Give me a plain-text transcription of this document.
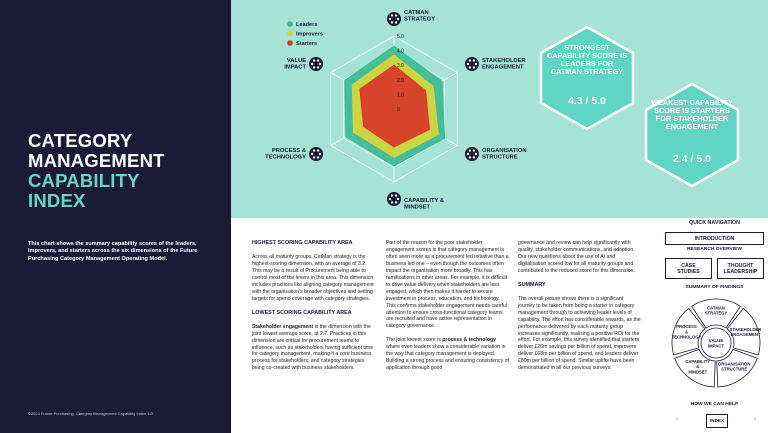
CATEGORY
MANAGEMENT
CAPABILITY
INDEX
This chart shows the summary capability scores of the leaders, improvers, and starters across the six dimensions of the Future Purchasing Category Management Operating Model.
©2024 Future Purchasing. Category Management Capability Index 1.0
5.0
4.0
3.0
2.0
1.0
0
CATMAN STRATEGY
STAKEHOLDER ENGAGEMENT
ORGANISATION STRUCTURE
CAPABILITY & MINDSET
PROCESS & TECHNOLOGY
VALUE IMPACT
Leaders
Improvers
Starters	STRONGEST CAPABILITY SCORE IS LEADERS FOR CATMAN STRATEGY
4.3 / 5.0	WEAKEST CAPABILITY SCORE IS STARTERS FOR STAKEHOLDER ENGAGEMENT
2.4 / 5.0
HIGHEST SCORING CAPABILITY AREA

Across all maturity groups, CatMan strategy is the highest-scoring dimension, with an average of 3.2. This may be a result of Procurement being able to control most of the levers in this area. This dimension includes practices like aligning category management with the organisation's broader objectives and setting targets for spend coverage with category strategies.

LOWEST SCORING CAPABILITY AREA

Stakeholder engagement is the dimension with the joint lowest average score, at 2.7. Practices in this dimension are critical for procurement teams to influence, such as stakeholders having sufficient time for category management, making it a core business process for stakeholders, and category strategies being co-created with business stakeholders.

Part of the reason for the poor stakeholder engagement scores is that category management is often seen more as a procurement led initiative than a business led one – even though the outcomes often impact the organisation more broadly. This has ramifications in other areas. For example, it is difficult to drive value delivery when stakeholders are less engaged, which then makes it harder to secure investment in process, education, and technology. This confirms stakeholder engagement needs careful attention to ensure cross-functional category teams are recruited and have active representation in category governance.

The joint lowest score is process & technology where even leaders show a considerable variation in the way that category management is deployed. Building a strong process and ensuring consistency of application through good

governance and review can help significantly with quality, stakeholder communications, and adoption. Our new questions about the use of AI and digitalisation scored low for all maturity groups and contributed to the reduced score for this dimension.

SUMMARY

The overall picture shows there is a significant journey to be taken from being a starter in category management through to achieving leader levels of capability. The effort has considerable rewards, as the performance delivered by each maturity group increases significantly, realising a positive ROI for the effort. For example, this survey identified that starters deliver £26m savings per billion of spend, improvers deliver £68m per billion of spend, and leaders deliver £80m per billion of spend. Similar uplifts have been demonstrated in all our previous surveys.

QUICK NAVIGATION
INTRODUCTION
RESEARCH OVERVIEW
CASE STUDIES
THOUGHT LEADERSHIP
SUMMARY OF FINDINGS
HOW WE CAN HELP
CATMAN STRATEGY
STAKEHOLDER ENGAGEMENT
ORGANISATION STRUCTURE
CAPABILITY & MINDSET
PROCESS & TECHNOLOGY
VALUE IMPACT
‹	INDEX	›
